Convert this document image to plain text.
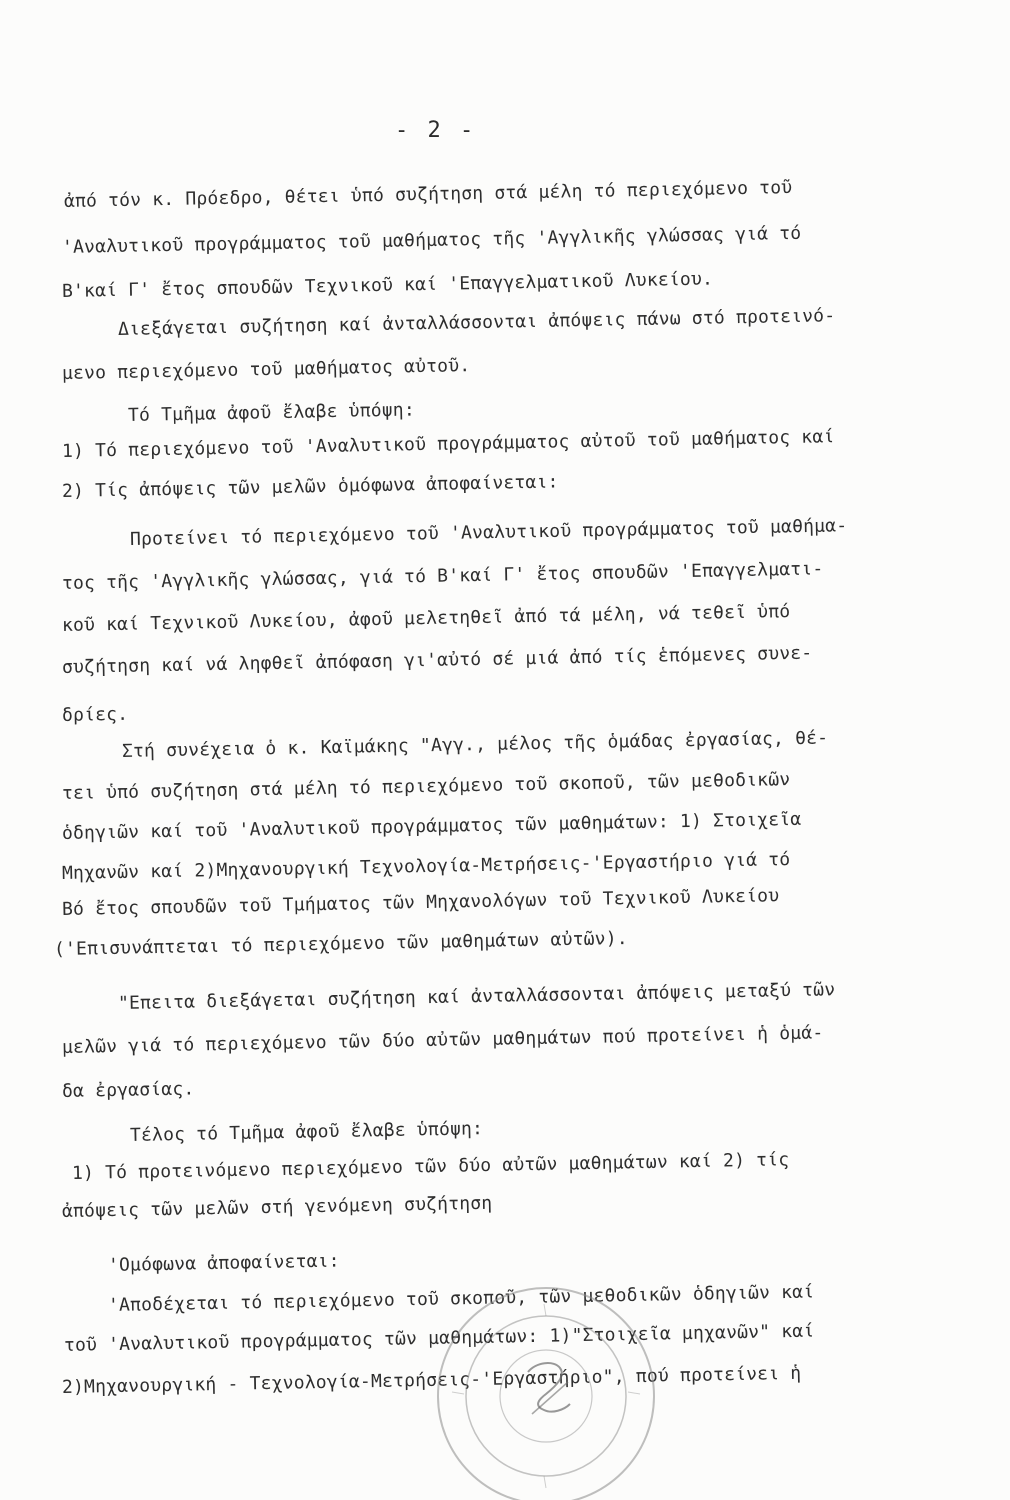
- 2 -
ἀπό τόν κ. Πρόεδρο, θέτει ὑπό συζήτηση στά μέλη τό περιεχόμενο τοῦ
'Αναλυτικοῦ προγράμματος τοῦ μαθήματος τῆς 'Αγγλικῆς γλώσσας γιά τό
Β'καί Γ' ἔτος σπουδῶν Τεχνικοῦ καί 'Επαγγελματικοῦ Λυκείου.
Διεξάγεται συζήτηση καί ἀνταλλάσσονται ἀπόψεις πάνω στό προτεινό-
μενο περιεχόμενο τοῦ μαθήματος αὐτοῦ.
Τό Τμῆμα ἀφοῦ ἔλαβε ὑπόψη:
1) Τό περιεχόμενο τοῦ 'Αναλυτικοῦ προγράμματος αὐτοῦ τοῦ μαθήματος καί
2) Τίς ἀπόψεις τῶν μελῶν ὁμόφωνα ἀποφαίνεται:
Προτείνει τό περιεχόμενο τοῦ 'Αναλυτικοῦ προγράμματος τοῦ μαθήμα-
τος τῆς 'Αγγλικῆς γλώσσας, γιά τό Β'καί Γ' ἔτος σπουδῶν 'Επαγγελματι-
κοῦ καί Τεχνικοῦ Λυκείου, ἀφοῦ μελετηθεῖ ἀπό τά μέλη, νά τεθεῖ ὑπό
συζήτηση καί νά ληφθεῖ ἀπόφαση γι'αὐτό σέ μιά ἀπό τίς ἑπόμενες συνε-
δρίες.
Στή συνέχεια ὁ κ. Καϊμάκης "Αγγ., μέλος τῆς ὁμάδας ἐργασίας, θέ-
τει ὑπό συζήτηση στά μέλη τό περιεχόμενο τοῦ σκοποῦ, τῶν μεθοδικῶν
ὁδηγιῶν καί τοῦ 'Αναλυτικοῦ προγράμματος τῶν μαθημάτων: 1) Στοιχεῖα
Μηχανῶν καί 2)Μηχανουργική Τεχνολογία-Μετρήσεις-'Εργαστήριο γιά τό
Βό ἔτος σπουδῶν τοῦ Τμήματος τῶν Μηχανολόγων τοῦ Τεχνικοῦ Λυκείου
('Επισυνάπτεται τό περιεχόμενο τῶν μαθημάτων αὐτῶν).
"Επειτα διεξάγεται συζήτηση καί ἀνταλλάσσονται ἀπόψεις μεταξύ τῶν
μελῶν γιά τό περιεχόμενο τῶν δύο αὐτῶν μαθημάτων πού προτείνει ἡ ὁμά-
δα ἐργασίας.
Τέλος τό Τμῆμα ἀφοῦ ἔλαβε ὑπόψη:
1) Τό προτεινόμενο περιεχόμενο τῶν δύο αὐτῶν μαθημάτων καί 2) τίς
ἀπόψεις τῶν μελῶν στή γενόμενη συζήτηση
'Ομόφωνα ἀποφαίνεται:
'Αποδέχεται τό περιεχόμενο τοῦ σκοποῦ, τῶν μεθοδικῶν ὁδηγιῶν καί
τοῦ 'Αναλυτικοῦ προγράμματος τῶν μαθημάτων: 1)"Στοιχεῖα μηχανῶν" καί
2)Μηχανουργική - Τεχνολογία-Μετρήσεις-'Εργαστήριο", πού προτείνει ἡ
